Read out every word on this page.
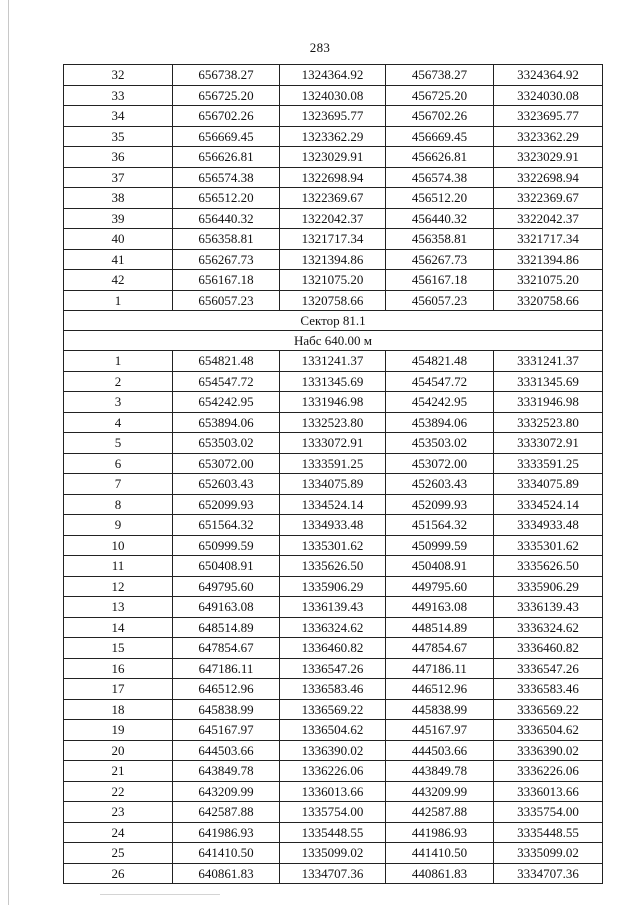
283
32	656738.27	1324364.92	456738.27	3324364.92
33	656725.20	1324030.08	456725.20	3324030.08
34	656702.26	1323695.77	456702.26	3323695.77
35	656669.45	1323362.29	456669.45	3323362.29
36	656626.81	1323029.91	456626.81	3323029.91
37	656574.38	1322698.94	456574.38	3322698.94
38	656512.20	1322369.67	456512.20	3322369.67
39	656440.32	1322042.37	456440.32	3322042.37
40	656358.81	1321717.34	456358.81	3321717.34
41	656267.73	1321394.86	456267.73	3321394.86
42	656167.18	1321075.20	456167.18	3321075.20
1	656057.23	1320758.66	456057.23	3320758.66
Сектор 81.1				
Набс 640.00 м				
1	654821.48	1331241.37	454821.48	3331241.37
2	654547.72	1331345.69	454547.72	3331345.69
3	654242.95	1331946.98	454242.95	3331946.98
4	653894.06	1332523.80	453894.06	3332523.80
5	653503.02	1333072.91	453503.02	3333072.91
6	653072.00	1333591.25	453072.00	3333591.25
7	652603.43	1334075.89	452603.43	3334075.89
8	652099.93	1334524.14	452099.93	3334524.14
9	651564.32	1334933.48	451564.32	3334933.48
10	650999.59	1335301.62	450999.59	3335301.62
11	650408.91	1335626.50	450408.91	3335626.50
12	649795.60	1335906.29	449795.60	3335906.29
13	649163.08	1336139.43	449163.08	3336139.43
14	648514.89	1336324.62	448514.89	3336324.62
15	647854.67	1336460.82	447854.67	3336460.82
16	647186.11	1336547.26	447186.11	3336547.26
17	646512.96	1336583.46	446512.96	3336583.46
18	645838.99	1336569.22	445838.99	3336569.22
19	645167.97	1336504.62	445167.97	3336504.62
20	644503.66	1336390.02	444503.66	3336390.02
21	643849.78	1336226.06	443849.78	3336226.06
22	643209.99	1336013.66	443209.99	3336013.66
23	642587.88	1335754.00	442587.88	3335754.00
24	641986.93	1335448.55	441986.93	3335448.55
25	641410.50	1335099.02	441410.50	3335099.02
26	640861.83	1334707.36	440861.83	3334707.36
